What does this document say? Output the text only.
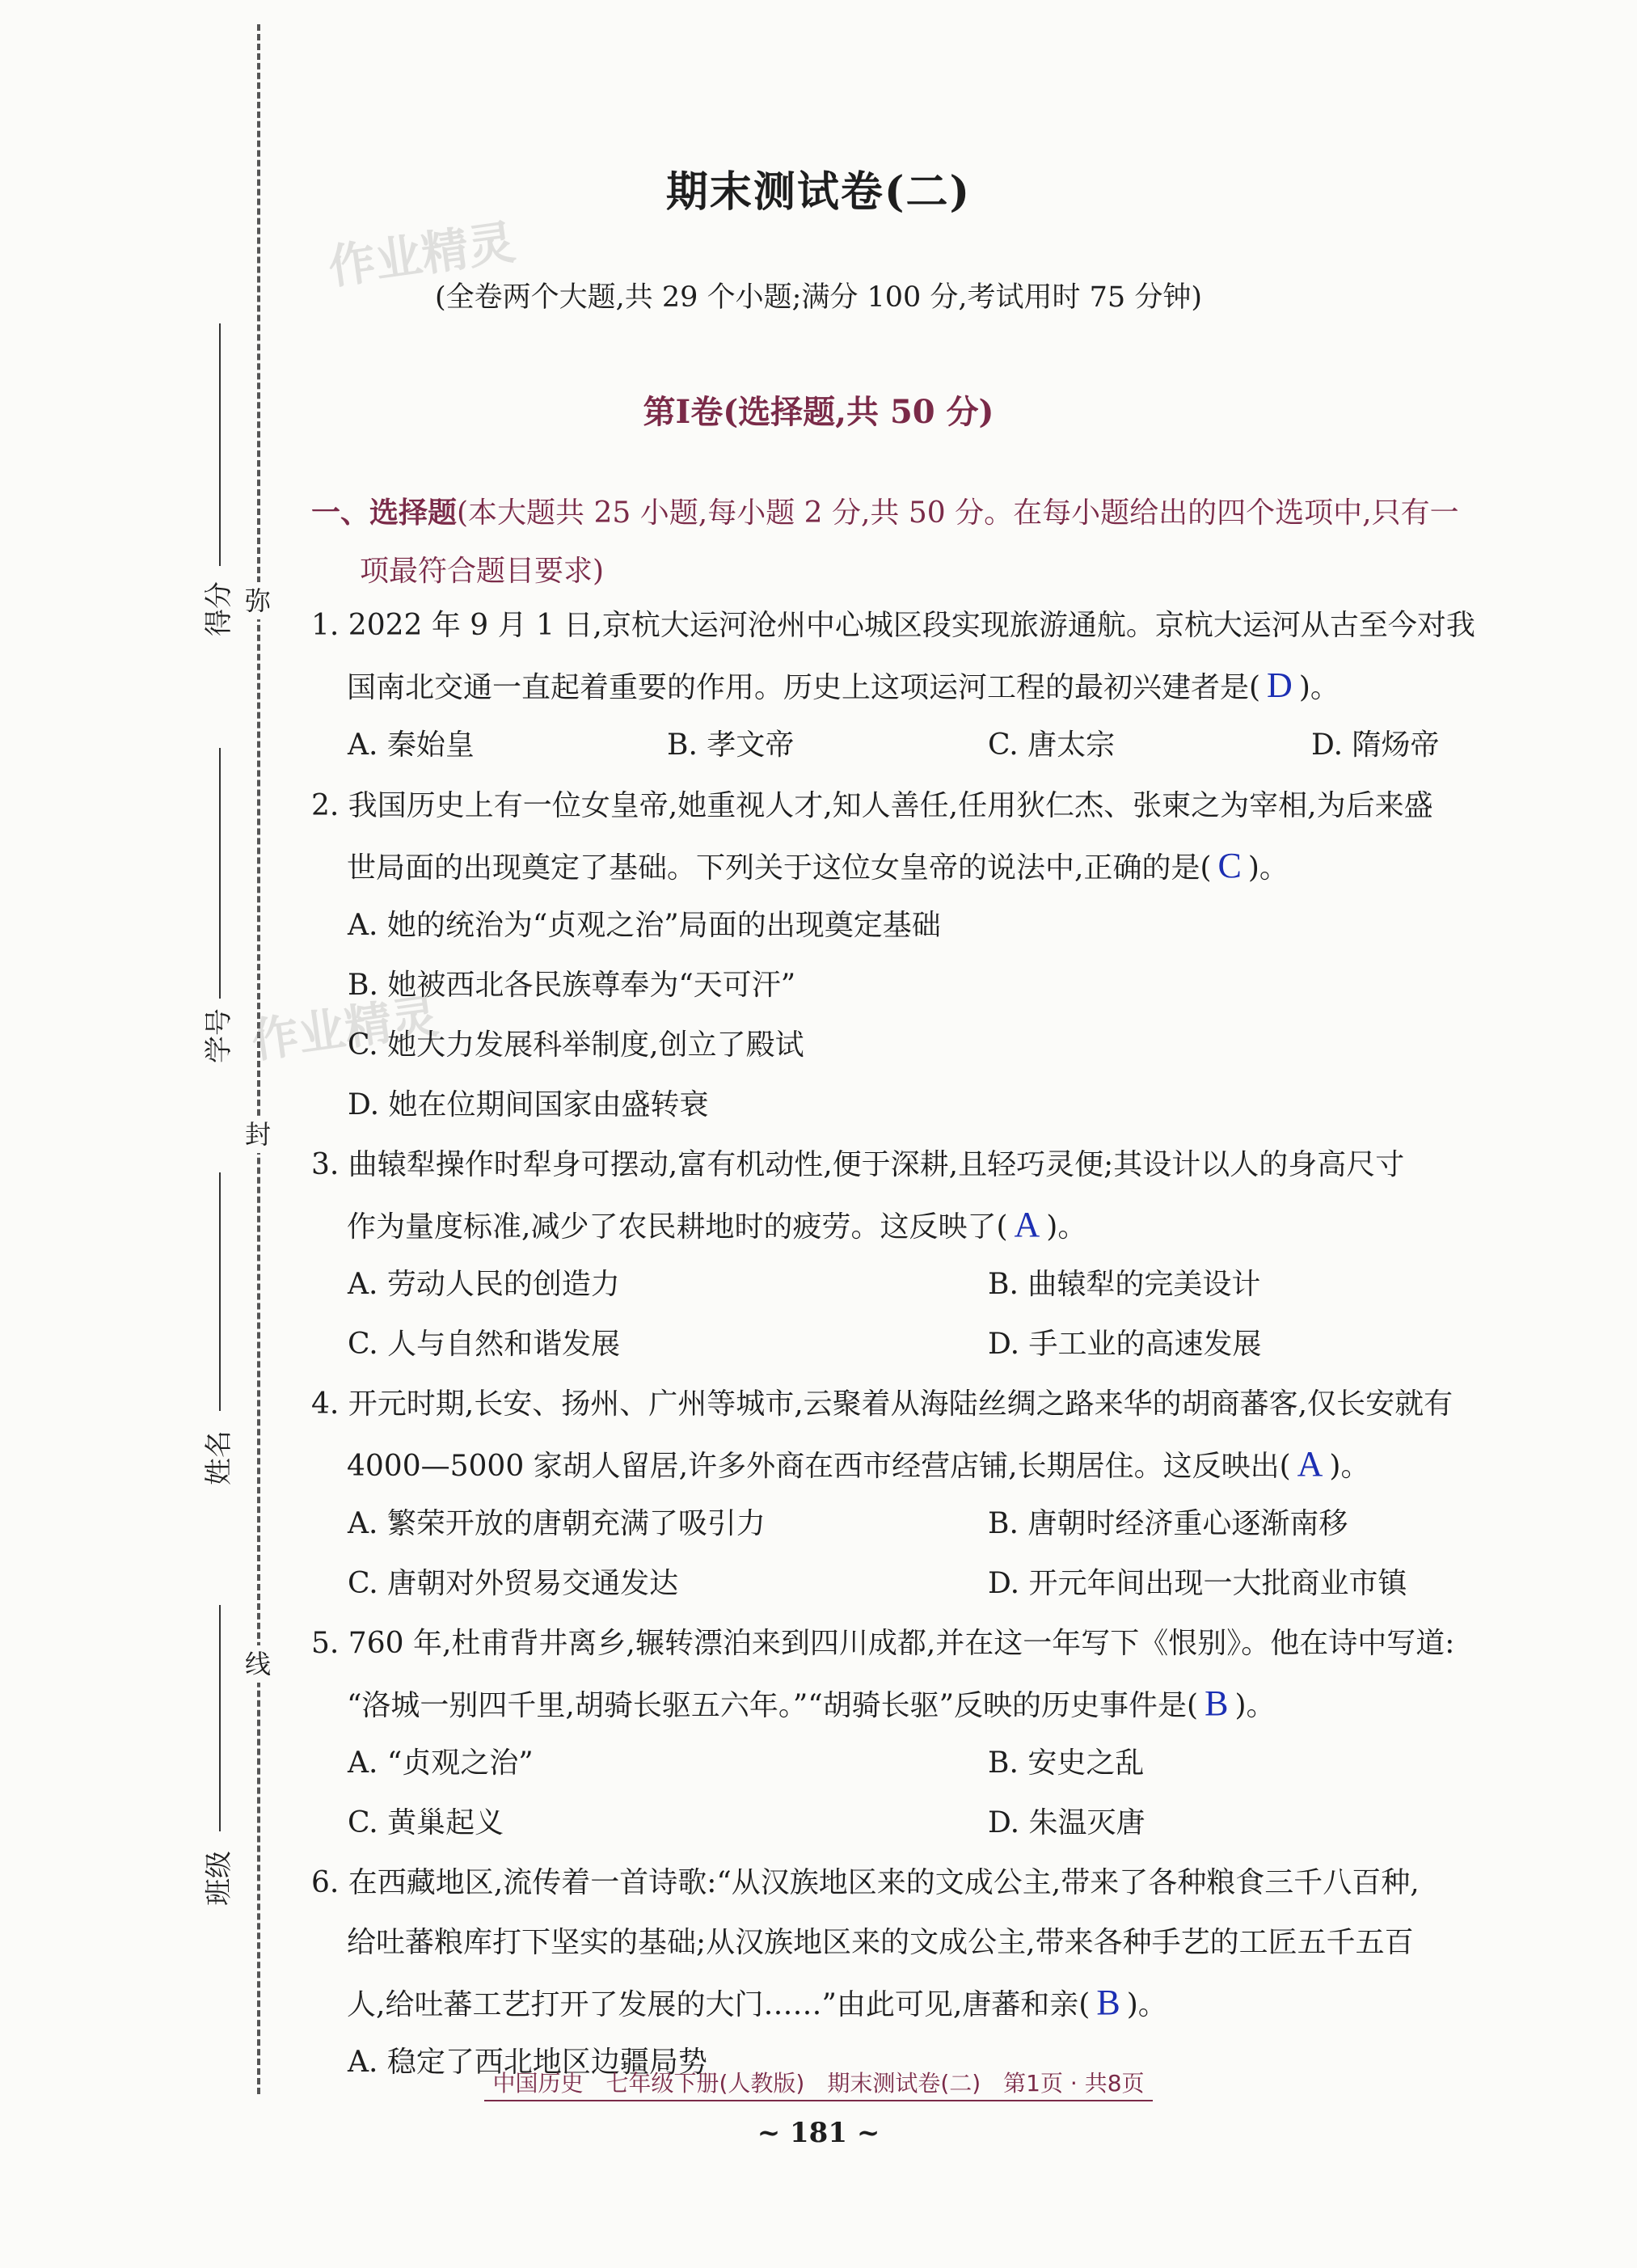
弥
封
线
得分
学号
姓名
班级
作业精灵
作业精灵
期末测试卷(二)
(全卷两个大题,共 29 个小题;满分 100 分,考试用时 75 分钟)
第Ⅰ卷(选择题,共 50 分)
一、选择题(本大题共 25 小题,每小题 2 分,共 50 分。在每小题给出的四个选项中,只有一
项最符合题目要求)
1. 2022 年 9 月 1 日,京杭大运河沧州中心城区段实现旅游通航。京杭大运河从古至今对我
国南北交通一直起着重要的作用。历史上这项运河工程的最初兴建者是( D )。
A. 秦始皇	B. 孝文帝	C. 唐太宗	D. 隋炀帝
2. 我国历史上有一位女皇帝,她重视人才,知人善任,任用狄仁杰、张柬之为宰相,为后来盛
世局面的出现奠定了基础。下列关于这位女皇帝的说法中,正确的是( C )。
A. 她的统治为“贞观之治”局面的出现奠定基础
B. 她被西北各民族尊奉为“天可汗”
C. 她大力发展科举制度,创立了殿试
D. 她在位期间国家由盛转衰
3. 曲辕犁操作时犁身可摆动,富有机动性,便于深耕,且轻巧灵便;其设计以人的身高尺寸
作为量度标准,减少了农民耕地时的疲劳。这反映了( A )。
A. 劳动人民的创造力	B. 曲辕犁的完美设计
C. 人与自然和谐发展	D. 手工业的高速发展
4. 开元时期,长安、扬州、广州等城市,云聚着从海陆丝绸之路来华的胡商蕃客,仅长安就有
4000—5000 家胡人留居,许多外商在西市经营店铺,长期居住。这反映出( A )。
A. 繁荣开放的唐朝充满了吸引力	B. 唐朝时经济重心逐渐南移
C. 唐朝对外贸易交通发达	D. 开元年间出现一大批商业市镇
5. 760 年,杜甫背井离乡,辗转漂泊来到四川成都,并在这一年写下《恨别》。他在诗中写道:
“洛城一别四千里,胡骑长驱五六年。”“胡骑长驱”反映的历史事件是( B )。
A. “贞观之治”	B. 安史之乱
C. 黄巢起义	D. 朱温灭唐
6. 在西藏地区,流传着一首诗歌:“从汉族地区来的文成公主,带来了各种粮食三千八百种,
给吐蕃粮库打下坚实的基础;从汉族地区来的文成公主,带来各种手艺的工匠五千五百
人,给吐蕃工艺打开了发展的大门……”由此可见,唐蕃和亲( B )。
A. 稳定了西北地区边疆局势
中国历史　七年级下册(人教版)　期末测试卷(二)　第1页 · 共8页
~ 181 ~
